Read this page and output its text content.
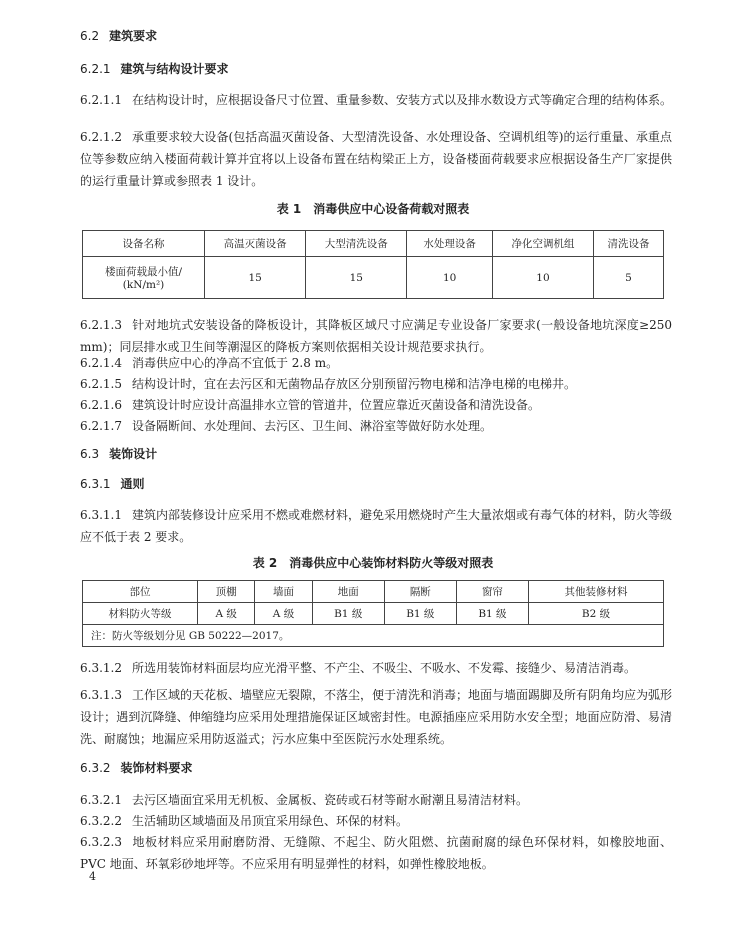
6.2 建筑要求
6.2.1 建筑与结构设计要求
6.2.1.1 在结构设计时，应根据设备尺寸位置、重量参数、安装方式以及排水数设方式等确定合理的结构体系。
6.2.1.2 承重要求较大设备(包括高温灭菌设备、大型清洗设备、水处理设备、空调机组等)的运行重量、承重点位等参数应纳入楼面荷载计算并宜将以上设备布置在结构梁正上方，设备楼面荷载要求应根据设备生产厂家提供的运行重量计算或参照表 1 设计。
表 1　消毒供应中心设备荷载对照表
设备名称	高温灭菌设备	大型清洗设备	水处理设备	净化空调机组	清洗设备

楼面荷载最小值/
(kN/m²)	15	15	10	10	5
6.2.1.3 针对地坑式安装设备的降板设计，其降板区域尺寸应满足专业设备厂家要求(一般设备地坑深度≥250 mm)；同层排水或卫生间等潮湿区的降板方案则依据相关设计规范要求执行。
6.2.1.4 消毒供应中心的净高不宜低于 2.8 m。
6.2.1.5 结构设计时，宜在去污区和无菌物品存放区分别预留污物电梯和洁净电梯的电梯井。
6.2.1.6 建筑设计时应设计高温排水立管的管道井，位置应靠近灭菌设备和清洗设备。
6.2.1.7 设备隔断间、水处理间、去污区、卫生间、淋浴室等做好防水处理。
6.3 装饰设计
6.3.1 通则
6.3.1.1 建筑内部装修设计应采用不燃或难燃材料，避免采用燃烧时产生大量浓烟或有毒气体的材料，防火等级应不低于表 2 要求。
表 2　消毒供应中心装饰材料防火等级对照表
部位	顶棚	墙面	地面	隔断	窗帘	其他装修材料
材料防火等级	A 级	A 级	B1 级	B1 级	B1 级	B2 级
注：防火等级划分见 GB 50222—2017。						
6.3.1.2 所选用装饰材料面层均应光滑平整、不产尘、不吸尘、不吸水、不发霉、接缝少、易清洁消毒。
6.3.1.3 工作区域的天花板、墙壁应无裂隙，不落尘，便于清洗和消毒；地面与墙面踢脚及所有阴角均应为弧形设计；遇到沉降缝、伸缩缝均应采用处理措施保证区域密封性。电源插座应采用防水安全型；地面应防滑、易清洗、耐腐蚀；地漏应采用防返溢式；污水应集中至医院污水处理系统。
6.3.2 装饰材料要求
6.3.2.1 去污区墙面宜采用无机板、金属板、瓷砖或石材等耐水耐潮且易清洁材料。
6.3.2.2 生活辅助区域墙面及吊顶宜采用绿色、环保的材料。
6.3.2.3 地板材料应采用耐磨防滑、无缝隙、不起尘、防火阻燃、抗菌耐腐的绿色环保材料，如橡胶地面、PVC 地面、环氧彩砂地坪等。不应采用有明显弹性的材料，如弹性橡胶地板。
4
